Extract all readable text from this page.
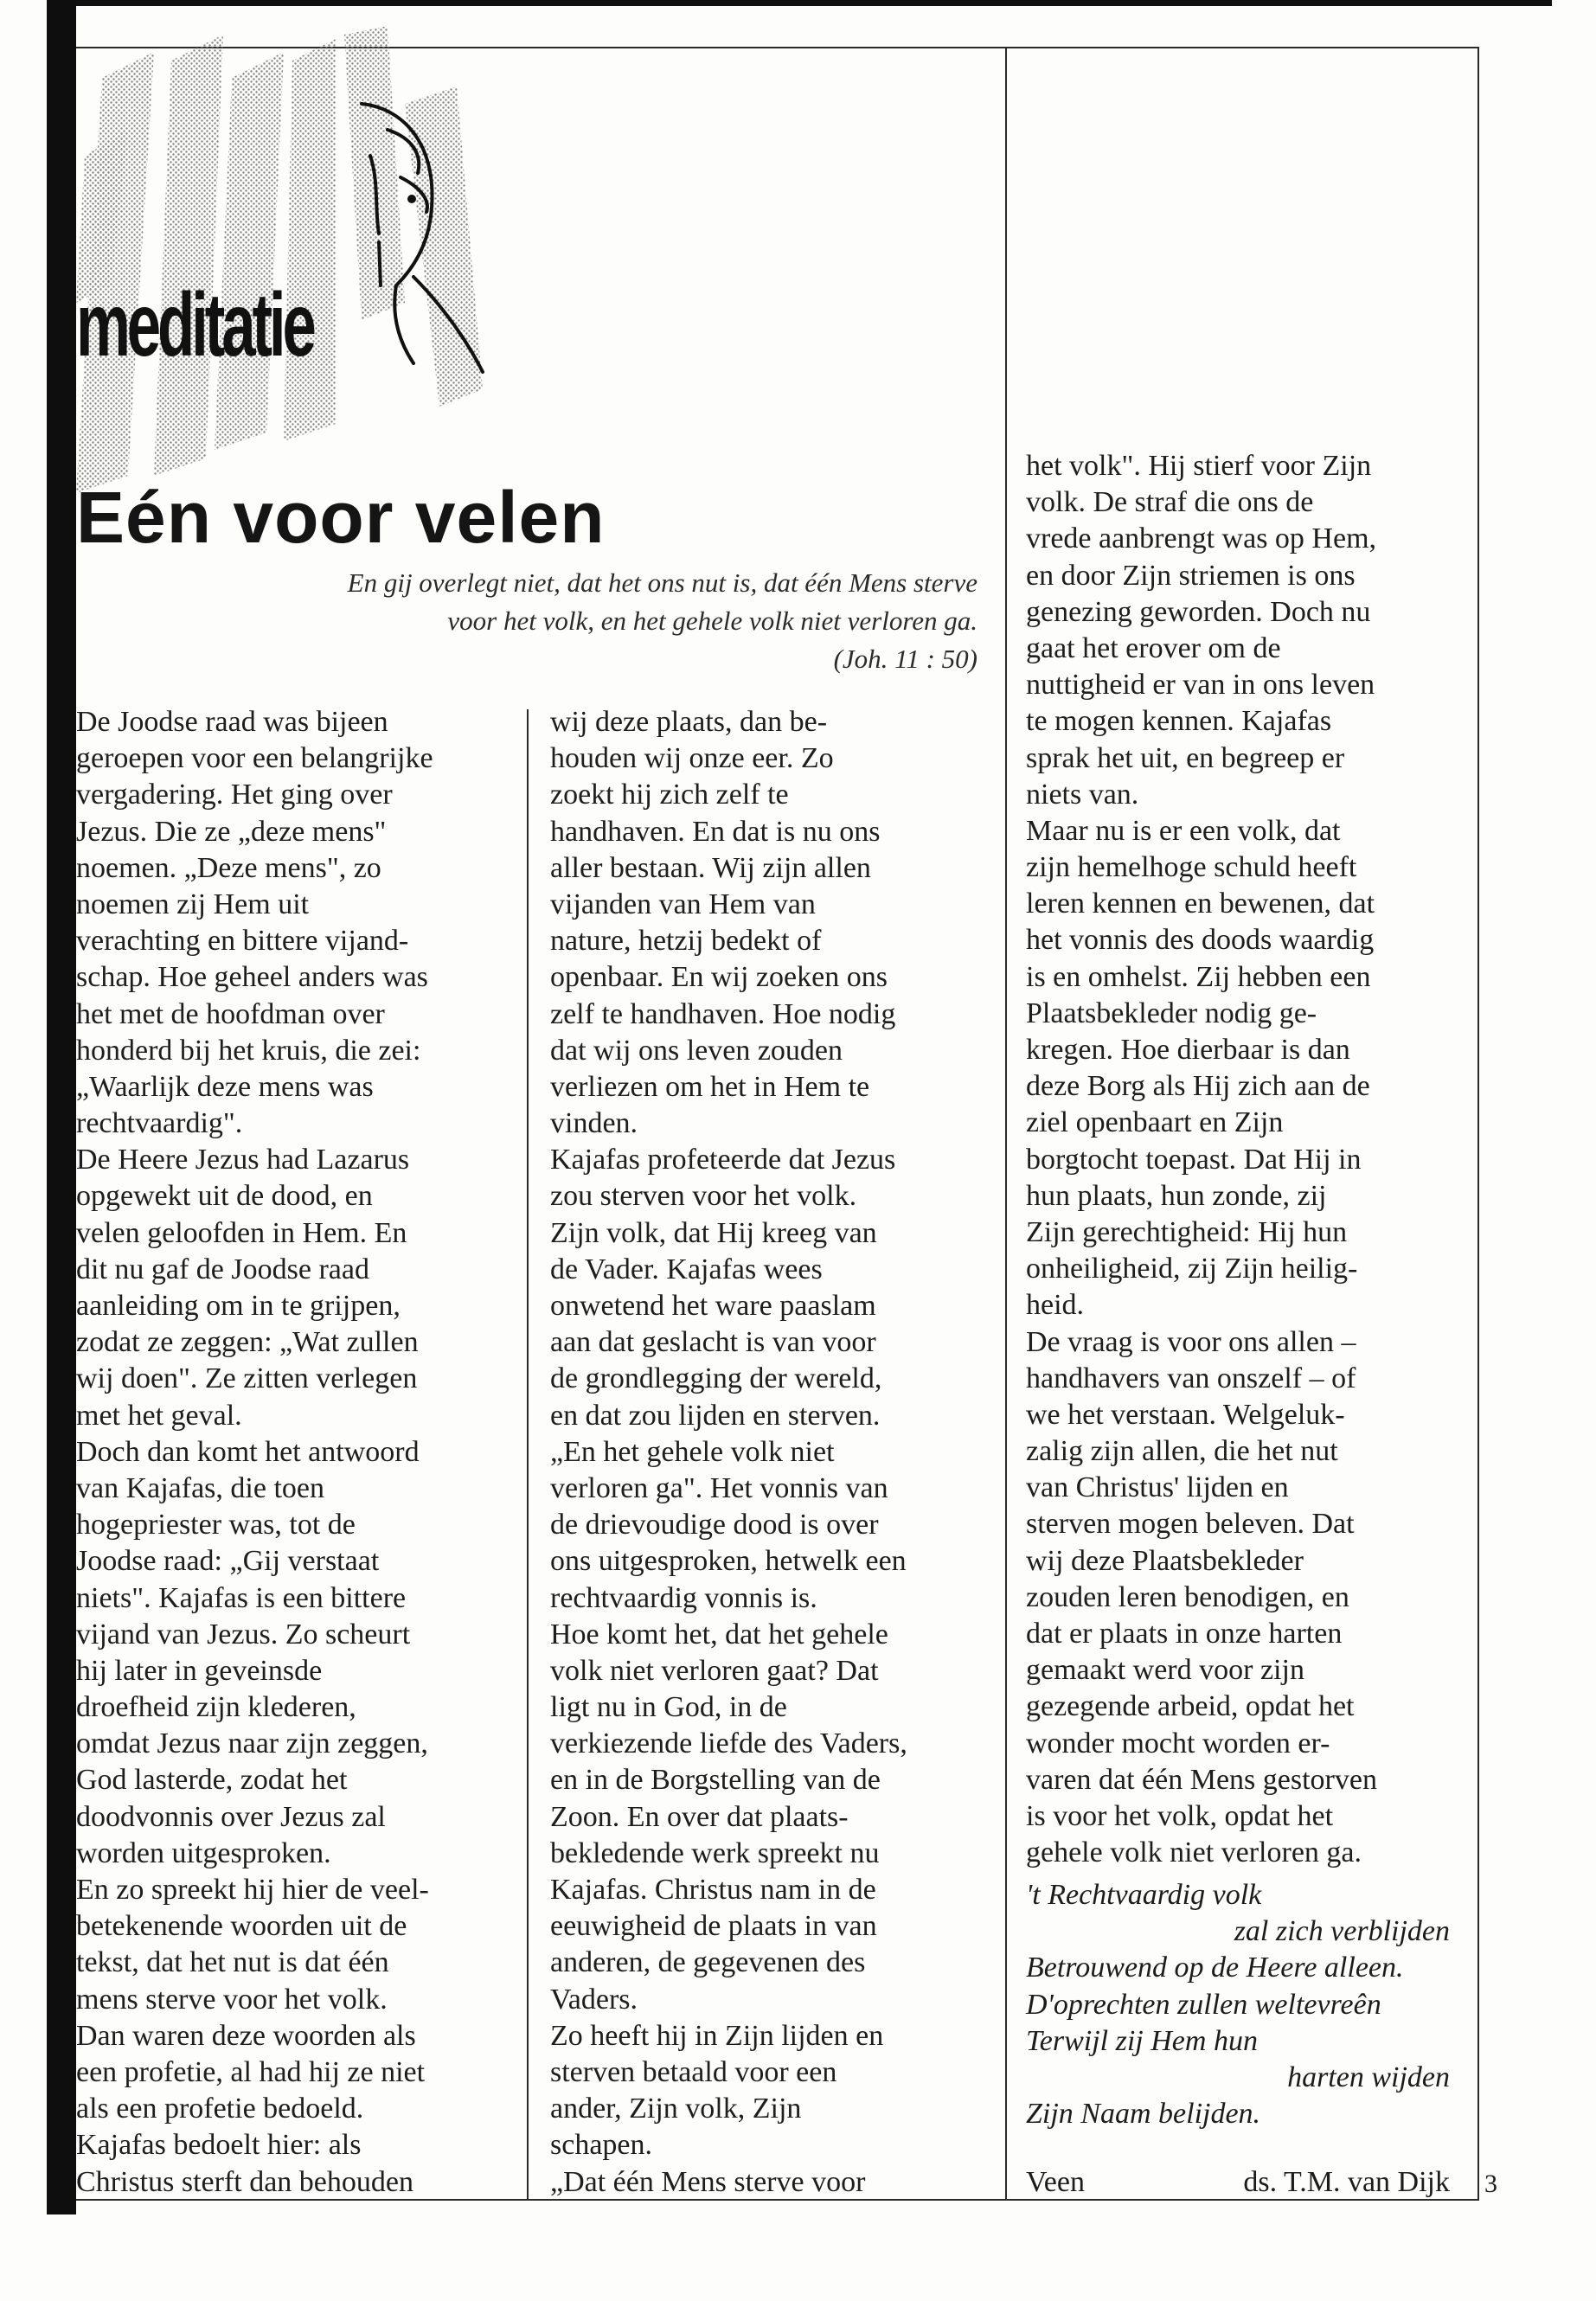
meditatie
Eén voor velen
En gij overlegt niet, dat het ons nut is, dat één Mens sterve
voor het volk, en het gehele volk niet verloren ga.
(Joh. 11 : 50)
De Joodse raad was bijeen
geroepen voor een belangrijke
vergadering. Het ging over
Jezus. Die ze „deze mens"
noemen. „Deze mens", zo
noemen zij Hem uit
verachting en bittere vijand-
schap. Hoe geheel anders was
het met de hoofdman over
honderd bij het kruis, die zei:
„Waarlijk deze mens was
rechtvaardig".
De Heere Jezus had Lazarus
opgewekt uit de dood, en
velen geloofden in Hem. En
dit nu gaf de Joodse raad
aanleiding om in te grijpen,
zodat ze zeggen: „Wat zullen
wij doen". Ze zitten verlegen
met het geval.
Doch dan komt het antwoord
van Kajafas, die toen
hogepriester was, tot de
Joodse raad: „Gij verstaat
niets". Kajafas is een bittere
vijand van Jezus. Zo scheurt
hij later in geveinsde
droefheid zijn klederen,
omdat Jezus naar zijn zeggen,
God lasterde, zodat het
doodvonnis over Jezus zal
worden uitgesproken.
En zo spreekt hij hier de veel-
betekenende woorden uit de
tekst, dat het nut is dat één
mens sterve voor het volk.
Dan waren deze woorden als
een profetie, al had hij ze niet
als een profetie bedoeld.
Kajafas bedoelt hier: als
Christus sterft dan behouden
wij deze plaats, dan be-
houden wij onze eer. Zo
zoekt hij zich zelf te
handhaven. En dat is nu ons
aller bestaan. Wij zijn allen
vijanden van Hem van
nature, hetzij bedekt of
openbaar. En wij zoeken ons
zelf te handhaven. Hoe nodig
dat wij ons leven zouden
verliezen om het in Hem te
vinden.
Kajafas profeteerde dat Jezus
zou sterven voor het volk.
Zijn volk, dat Hij kreeg van
de Vader. Kajafas wees
onwetend het ware paaslam
aan dat geslacht is van voor
de grondlegging der wereld,
en dat zou lijden en sterven.
„En het gehele volk niet
verloren ga". Het vonnis van
de drievoudige dood is over
ons uitgesproken, hetwelk een
rechtvaardig vonnis is.
Hoe komt het, dat het gehele
volk niet verloren gaat? Dat
ligt nu in God, in de
verkiezende liefde des Vaders,
en in de Borgstelling van de
Zoon. En over dat plaats-
bekledende werk spreekt nu
Kajafas. Christus nam in de
eeuwigheid de plaats in van
anderen, de gegevenen des
Vaders.
Zo heeft hij in Zijn lijden en
sterven betaald voor een
ander, Zijn volk, Zijn
schapen.
„Dat één Mens sterve voor
het volk". Hij stierf voor Zijn
volk. De straf die ons de
vrede aanbrengt was op Hem,
en door Zijn striemen is ons
genezing geworden. Doch nu
gaat het erover om de
nuttigheid er van in ons leven
te mogen kennen. Kajafas
sprak het uit, en begreep er
niets van.
Maar nu is er een volk, dat
zijn hemelhoge schuld heeft
leren kennen en bewenen, dat
het vonnis des doods waardig
is en omhelst. Zij hebben een
Plaatsbekleder nodig ge-
kregen. Hoe dierbaar is dan
deze Borg als Hij zich aan de
ziel openbaart en Zijn
borgtocht toepast. Dat Hij in
hun plaats, hun zonde, zij
Zijn gerechtigheid: Hij hun
onheiligheid, zij Zijn heilig-
heid.
De vraag is voor ons allen –
handhavers van onszelf – of
we het verstaan. Welgeluk-
zalig zijn allen, die het nut
van Christus' lijden en
sterven mogen beleven. Dat
wij deze Plaatsbekleder
zouden leren benodigen, en
dat er plaats in onze harten
gemaakt werd voor zijn
gezegende arbeid, opdat het
wonder mocht worden er-
varen dat één Mens gestorven
is voor het volk, opdat het
gehele volk niet verloren ga.
't Rechtvaardig volk
zal zich verblijden
Betrouwend op de Heere alleen.
D'oprechten zullen weltevreên
Terwijl zij Hem hun
harten wijden
Zijn Naam belijden.
Veen	ds. T.M. van Dijk 3
